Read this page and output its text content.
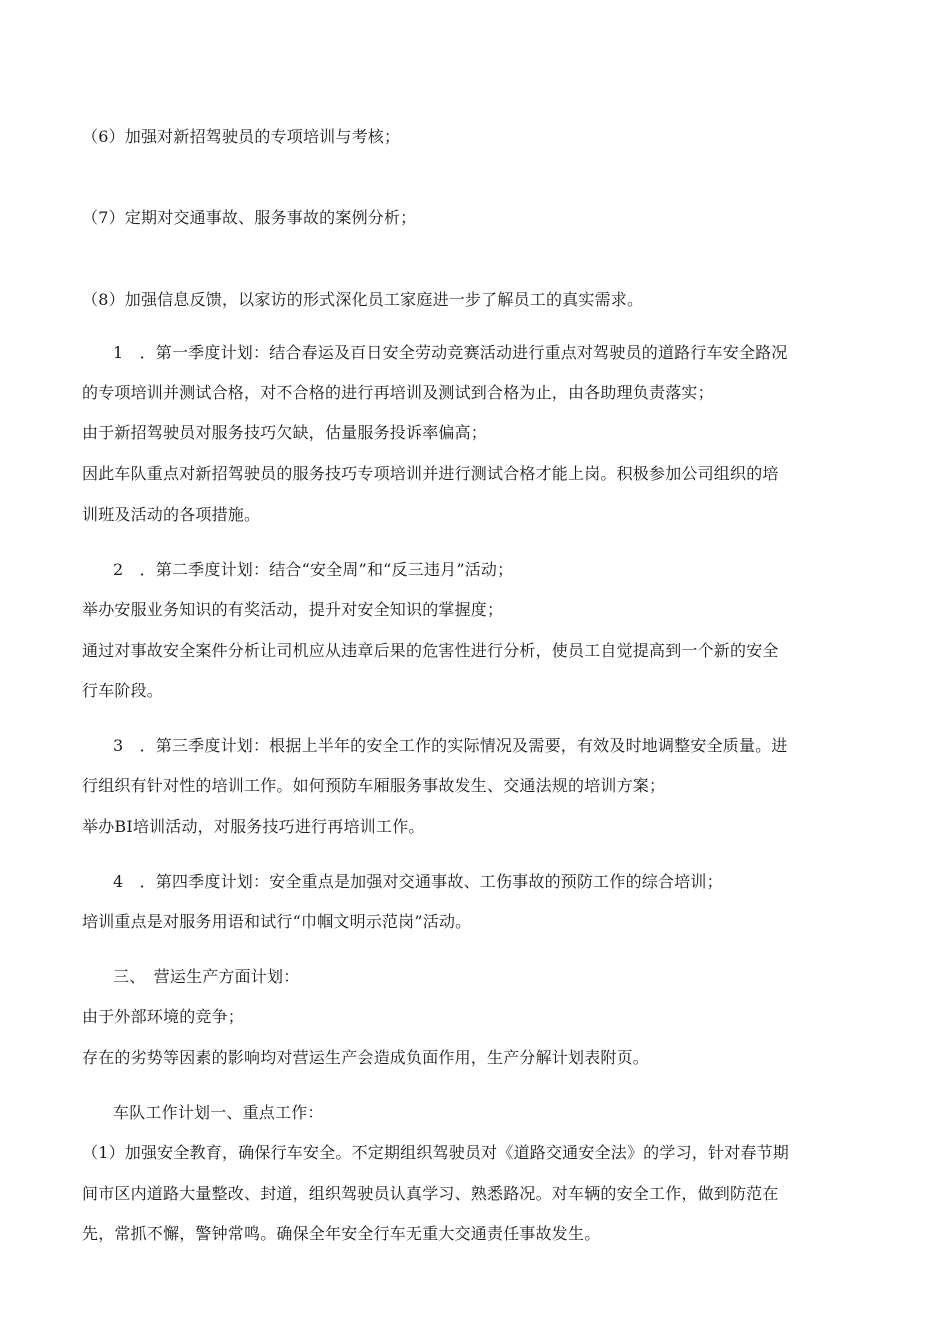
（6）加强对新招驾驶员的专项培训与考核；
（7）定期对交通事故、服务事故的案例分析；
（8）加强信息反馈，以家访的形式深化员工家庭进一步了解员工的真实需求。
1　．第一季度计划：结合春运及百日安全劳动竞赛活动进行重点对驾驶员的道路行车安全路况
的专项培训并测试合格，对不合格的进行再培训及测试到合格为止，由各助理负责落实；
由于新招驾驶员对服务技巧欠缺，估量服务投诉率偏高；
因此车队重点对新招驾驶员的服务技巧专项培训并进行测试合格才能上岗。积极参加公司组织的培
训班及活动的各项措施。
2　．第二季度计划：结合“安全周”和“反三违月”活动；
举办安服业务知识的有奖活动，提升对安全知识的掌握度；
通过对事故安全案件分析让司机应从违章后果的危害性进行分析，使员工自觉提高到一个新的安全
行车阶段。
3　．第三季度计划：根据上半年的安全工作的实际情况及需要，有效及时地调整安全质量。进
行组织有针对性的培训工作。如何预防车厢服务事故发生、交通法规的培训方案；
举办BI培训活动，对服务技巧进行再培训工作。
4　．第四季度计划：安全重点是加强对交通事故、工伤事故的预防工作的综合培训；
培训重点是对服务用语和试行“巾帼文明示范岗”活动。
三、　营运生产方面计划：
由于外部环境的竞争；
存在的劣势等因素的影响均对营运生产会造成负面作用，生产分解计划表附页。
车队工作计划一、重点工作：
（1）加强安全教育，确保行车安全。不定期组织驾驶员对《道路交通安全法》的学习，针对春节期
间市区内道路大量整改、封道，组织驾驶员认真学习、熟悉路况。对车辆的安全工作，做到防范在
先，常抓不懈，警钟常鸣。确保全年安全行车无重大交通责任事故发生。
